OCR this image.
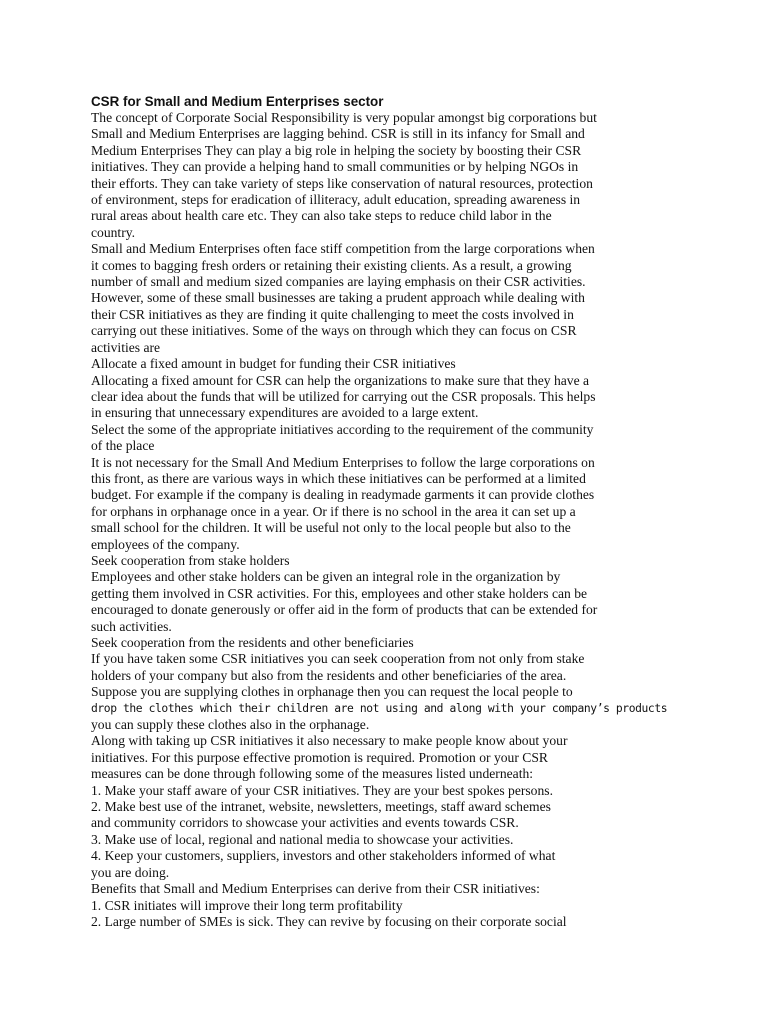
CSR for Small and Medium Enterprises sector
The concept of Corporate Social Responsibility is very popular amongst big corporations but
Small and Medium Enterprises are lagging behind. CSR is still in its infancy for Small and
Medium Enterprises They can play a big role in helping the society by boosting their CSR
initiatives. They can provide a helping hand to small communities or by helping NGOs in
their efforts. They can take variety of steps like conservation of natural resources, protection
of environment, steps for eradication of illiteracy, adult education, spreading awareness in
rural areas about health care etc. They can also take steps to reduce child labor in the
country.
Small and Medium Enterprises often face stiff competition from the large corporations when
it comes to bagging fresh orders or retaining their existing clients. As a result, a growing
number of small and medium sized companies are laying emphasis on their CSR activities.
However, some of these small businesses are taking a prudent approach while dealing with
their CSR initiatives as they are finding it quite challenging to meet the costs involved in
carrying out these initiatives. Some of the ways on through which they can focus on CSR
activities are
Allocate a fixed amount in budget for funding their CSR initiatives
Allocating a fixed amount for CSR can help the organizations to make sure that they have a
clear idea about the funds that will be utilized for carrying out the CSR proposals. This helps
in ensuring that unnecessary expenditures are avoided to a large extent.
Select the some of the appropriate initiatives according to the requirement of the community
of the place
It is not necessary for the Small And Medium Enterprises to follow the large corporations on
this front, as there are various ways in which these initiatives can be performed at a limited
budget. For example if the company is dealing in readymade garments it can provide clothes
for orphans in orphanage once in a year. Or if there is no school in the area it can set up a
small school for the children. It will be useful not only to the local people but also to the
employees of the company.
Seek cooperation from stake holders
Employees and other stake holders can be given an integral role in the organization by
getting them involved in CSR activities. For this, employees and other stake holders can be
encouraged to donate generously or offer aid in the form of products that can be extended for
such activities.
Seek cooperation from the residents and other beneficiaries
If you have taken some CSR initiatives you can seek cooperation from not only from stake
holders of your company but also from the residents and other beneficiaries of the area.
Suppose you are supplying clothes in orphanage then you can request the local people to
drop the clothes which their children are not using and along with your company’s products
you can supply these clothes also in the orphanage.
Along with taking up CSR initiatives it also necessary to make people know about your
initiatives. For this purpose effective promotion is required. Promotion or your CSR
measures can be done through following some of the measures listed underneath:
1. Make your staff aware of your CSR initiatives. They are your best spokes persons.
2. Make best use of the intranet, website, newsletters, meetings, staff award schemes
and community corridors to showcase your activities and events towards CSR.
3. Make use of local, regional and national media to showcase your activities.
4. Keep your customers, suppliers, investors and other stakeholders informed of what
you are doing.
Benefits that Small and Medium Enterprises can derive from their CSR initiatives:
1. CSR initiates will improve their long term profitability
2. Large number of SMEs is sick. They can revive by focusing on their corporate social
